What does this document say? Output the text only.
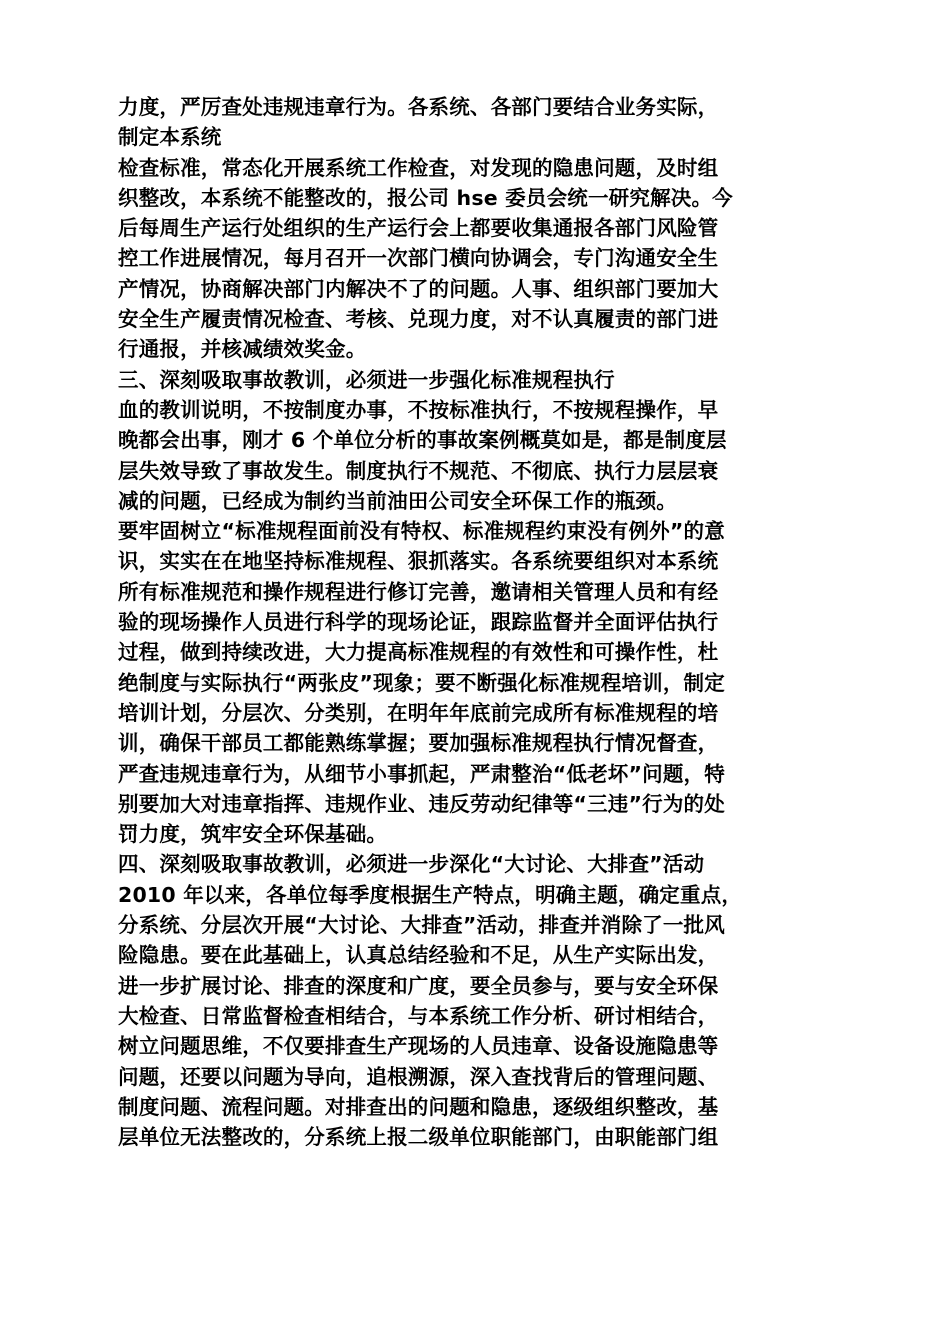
力度，严厉查处违规违章行为。各系统、各部门要结合业务实际，
制定本系统
检查标准，常态化开展系统工作检查，对发现的隐患问题，及时组
织整改，本系统不能整改的，报公司 hse 委员会统一研究解决。今
后每周生产运行处组织的生产运行会上都要收集通报各部门风险管
控工作进展情况，每月召开一次部门横向协调会，专门沟通安全生
产情况，协商解决部门内解决不了的问题。人事、组织部门要加大
安全生产履责情况检查、考核、兑现力度，对不认真履责的部门进
行通报，并核减绩效奖金。
三、深刻吸取事故教训，必须进一步强化标准规程执行
血的教训说明，不按制度办事，不按标准执行，不按规程操作，早
晚都会出事，刚才 6 个单位分析的事故案例概莫如是，都是制度层
层失效导致了事故发生。制度执行不规范、不彻底、执行力层层衰
减的问题，已经成为制约当前油田公司安全环保工作的瓶颈。
要牢固树立“标准规程面前没有特权、标准规程约束没有例外”的意
识，实实在在地坚持标准规程、狠抓落实。各系统要组织对本系统
所有标准规范和操作规程进行修订完善，邀请相关管理人员和有经
验的现场操作人员进行科学的现场论证，跟踪监督并全面评估执行
过程，做到持续改进，大力提高标准规程的有效性和可操作性，杜
绝制度与实际执行“两张皮”现象；要不断强化标准规程培训，制定
培训计划，分层次、分类别，在明年年底前完成所有标准规程的培
训，确保干部员工都能熟练掌握；要加强标准规程执行情况督查，
严查违规违章行为，从细节小事抓起，严肃整治“低老坏”问题，特
别要加大对违章指挥、违规作业、违反劳动纪律等“三违”行为的处
罚力度，筑牢安全环保基础。
四、深刻吸取事故教训，必须进一步深化“大讨论、大排查”活动
2010 年以来，各单位每季度根据生产特点，明确主题，确定重点，
分系统、分层次开展“大讨论、大排查”活动，排查并消除了一批风
险隐患。要在此基础上，认真总结经验和不足，从生产实际出发，
进一步扩展讨论、排查的深度和广度，要全员参与，要与安全环保
大检查、日常监督检查相结合，与本系统工作分析、研讨相结合，
树立问题思维，不仅要排查生产现场的人员违章、设备设施隐患等
问题，还要以问题为导向，追根溯源，深入查找背后的管理问题、
制度问题、流程问题。对排查出的问题和隐患，逐级组织整改，基
层单位无法整改的，分系统上报二级单位职能部门，由职能部门组
